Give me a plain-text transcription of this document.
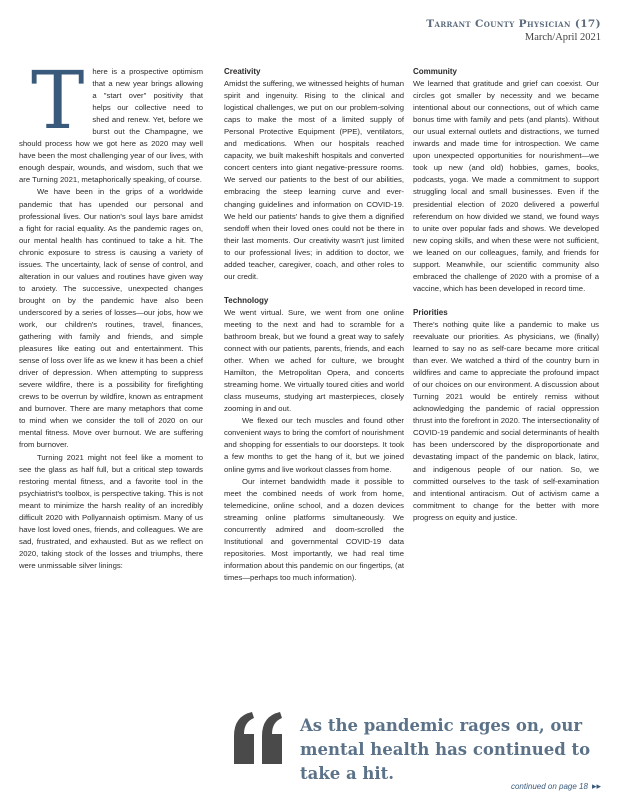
Tarrant County Physician (17)
March/April 2021
T	here is a prospective optimism that a new year brings allowing a "start over" positivity that helps our collective need to shed and renew. Yet, before we burst out the Champagne, we should process how we got here as 2020 may well have been the most challenging year of our lives, with enough despair, wounds, and wisdom, such that we are Turning 2021, metaphorically speaking, of course.

We have been in the grips of a worldwide pandemic that has upended our personal and professional lives. Our nation's soul lays bare amidst a fight for racial equality. As the pandemic rages on, our mental health has continued to take a hit. The chronic exposure to stress is causing a variety of issues. The uncertainty, lack of sense of control, and alteration in our values and routines have given way to anxiety. The successive, unexpected changes brought on by the pandemic have also been underscored by a series of losses—our jobs, how we work, our children's routines, travel, finances, gathering with family and friends, and simple pleasures like eating out and entertainment. This sense of loss over life as we knew it has been a chief driver of depression. When attempting to suppress severe wildfire, there is a possibility for firefighting crews to be overrun by wildfire, known as entrapment and burnover. There are many metaphors that come to mind when we consider the toll of 2020 on our mental fitness. Move over burnout. We are suffering from burnover.

Turning 2021 might not feel like a moment to see the glass as half full, but a critical step towards restoring mental fitness, and a favorite tool in the psychiatrist's toolbox, is perspective taking. This is not meant to minimize the harsh reality of an incredibly difficult 2020 with Pollyannaish optimism. Many of us have lost loved ones, friends, and colleagues. We are sad, frustrated, and exhausted. But as we reflect on 2020, taking stock of the losses and triumphs, there were unmissable silver linings:

Creativity

Amidst the suffering, we witnessed heights of human spirit and ingenuity. Rising to the clinical and logistical challenges, we put on our problem-solving caps to make the most of a limited supply of Personal Protective Equipment (PPE), ventilators, and medications. When our hospitals reached capacity, we built makeshift hospitals and converted concert centers into giant negative-pressure rooms. We served our patients to the best of our abilities, embracing the steep learning curve and ever-changing guidelines and information on COVID-19. We held our patients' hands to give them a dignified sendoff when their loved ones could not be there in their last moments. Our creativity wasn't just limited to our professional lives; in addition to doctor, we added teacher, caregiver, coach, and other roles to our credit.

Technology

We went virtual. Sure, we went from one online meeting to the next and had to scramble for a bathroom break, but we found a great way to safely connect with our patients, parents, friends, and each other. When we ached for culture, we brought Hamilton, the Metropolitan Opera, and concerts streaming home. We virtually toured cities and world class museums, studying art masterpieces, closely zooming in and out.

We flexed our tech muscles and found other convenient ways to bring the comfort of nourishment and shopping for essentials to our doorsteps. It took a few months to get the hang of it, but we joined online gyms and live workout classes from home.

Our internet bandwidth made it possible to meet the combined needs of work from home, telemedicine, online school, and a dozen devices streaming online platforms simultaneously. We concurrently admired and doom-scrolled the Institutional and governmental COVID-19 data repositories. Most importantly, we had real time information about this pandemic on our fingertips, (at times—perhaps too much information).

Community

We learned that gratitude and grief can coexist. Our circles got smaller by necessity and we became intentional about our connections, out of which came bonus time with family and pets (and plants). Without our usual external outlets and distractions, we turned inwards and made time for introspection. We came upon unexpected opportunities for nourishment—we took up new (and old) hobbies, games, books, podcasts, yoga. We made a commitment to support struggling local and small businesses. Even if the presidential election of 2020 delivered a powerful referendum on how divided we stand, we found ways to unite over popular fads and shows. We developed new coping skills, and when these were not sufficient, we leaned on our colleagues, family, and friends for support. Meanwhile, our scientific community also embraced the challenge of 2020 with a promise of a vaccine, which has been developed in record time.

Priorities

There's nothing quite like a pandemic to make us reevaluate our priorities. As physicians, we (finally) learned to say no as self-care became more critical than ever. We watched a third of the country burn in wildfires and came to appreciate the profound impact of our choices on our environment. A discussion about Turning 2021 would be entirely remiss without acknowledging the pandemic of racial oppression thrust into the forefront in 2020. The intersectionality of COVID-19 pandemic and social determinants of health has been underscored by the disproportionate and devastating impact of the pandemic on black, latinx, and indigenous people of our nation. So, we committed ourselves to the task of self-examination and intentional antiracism. Out of activism came a commitment to change for the better with more progress on equity and justice.

As the pandemic rages on, our mental health has continued to take a hit.
continued on page 18 ▸▸
